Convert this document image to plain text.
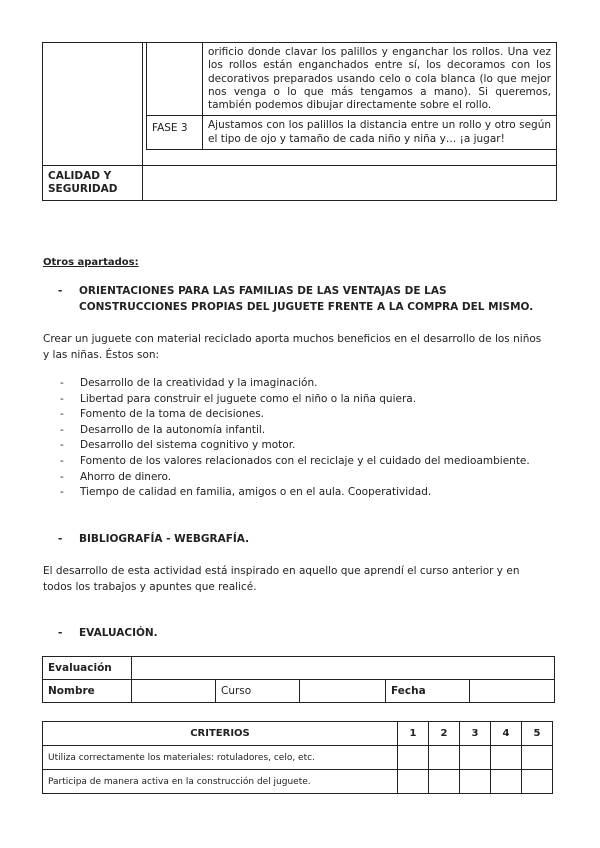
	orificio donde clavar los palillos y enganchar los rollos. Una vez los rollos están enganchados entre sí, los decoramos con los decorativos preparados usando celo o cola blanca (lo que mejor nos venga o lo que más tengamos a mano). Si queremos, también podemos dibujar directamente sobre el rollo.
FASE 3	Ajustamos con los palillos la distancia entre un rollo y otro según el tipo de ojo y tamaño de cada niño y niña y… ¡a jugar!

CALIDAD Y
SEGURIDAD	
Otros apartados:
-	ORIENTACIONES PARA LAS FAMILIAS DE LAS VENTAJAS DE LAS
CONSTRUCCIONES PROPIAS DEL JUGUETE FRENTE A LA COMPRA DEL MISMO.

Crear un juguete con material reciclado aporta muchos beneficios en el desarrollo de los niños y las niñas. Éstos son:

- Desarrollo de la creatividad y la imaginación.
- Libertad para construir el juguete como el niño o la niña quiera.
- Fomento de la toma de decisiones.
- Desarrollo de la autonomía infantil.
- Desarrollo del sistema cognitivo y motor.
- Fomento de los valores relacionados con el reciclaje y el cuidado del medioambiente.
- Ahorro de dinero.
- Tiempo de calidad en familia, amigos o en el aula. Cooperatividad.
-	BIBLIOGRAFÍA - WEBGRAFÍA.

El desarrollo de esta actividad está inspirado en aquello que aprendí el curso anterior y en todos los trabajos y apuntes que realicé.

-	EVALUACIÓN.
Evaluación					
Nombre		Curso		Fecha	
CRITERIOS	1	2	3	4	5
Utiliza correctamente los materiales: rotuladores, celo, etc.					
Participa de manera activa en la construcción del juguete.					
